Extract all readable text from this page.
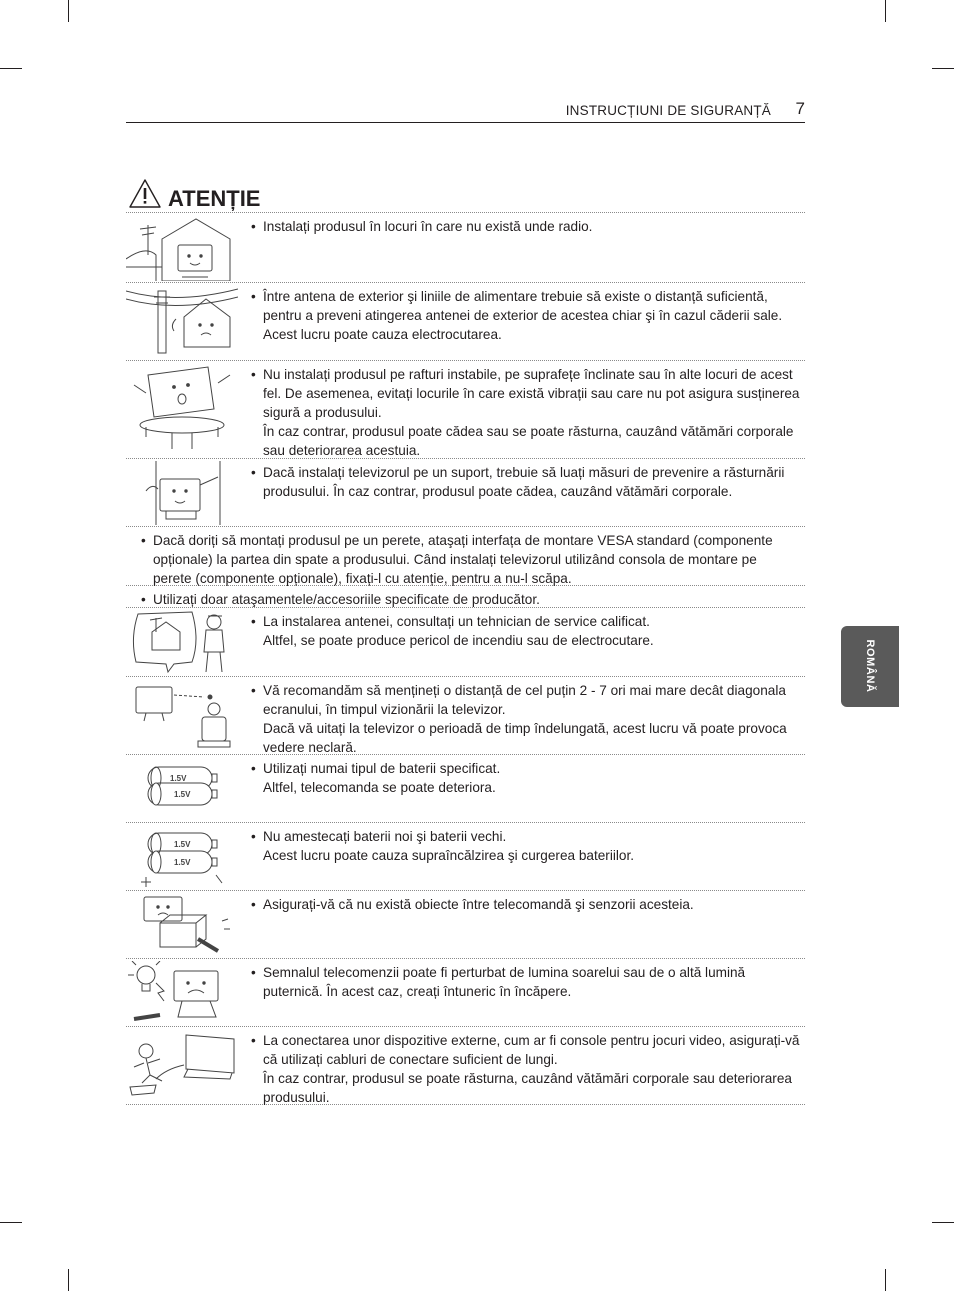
INSTRUCȚIUNI DE SIGURANȚĂ 7
ROMÂNĂ
ATENȚIE
• Instalați produsul în locuri în care nu există unde radio.
• Între antena de exterior şi liniile de alimentare trebuie să existe o distanță suficientă, pentru a preveni atingerea antenei de exterior de acestea chiar şi în cazul căderii sale.
Acest lucru poate cauza electrocutarea.
• Nu instalați produsul pe rafturi instabile, pe suprafețe înclinate sau în alte locuri de acest fel. De asemenea, evitați locurile în care există vibrații sau care nu pot asigura susținerea sigură a produsului.
În caz contrar, produsul poate cădea sau se poate răsturna, cauzând vătămări corporale sau deteriorarea acestuia.
• Dacă instalați televizorul pe un suport, trebuie să luați măsuri de prevenire a răsturnării produsului. În caz contrar, produsul poate cădea, cauzând vătămări corporale.
• Dacă doriți să montați produsul pe un perete, ataşați interfața de montare VESA standard (componente opționale) la partea din spate a produsului. Când instalați televizorul utilizând consola de montare pe perete (componente opționale), fixați-l cu atenție, pentru a nu-l scăpa.
• Utilizați doar ataşamentele/accesoriile specificate de producător.
• La instalarea antenei, consultați un tehnician de service calificat.
Altfel, se poate produce pericol de incendiu sau de electrocutare.
• Vă recomandăm să mențineți o distanță de cel puțin 2 - 7 ori mai mare decât diagonala ecranului, în timpul vizionării la televizor.
Dacă vă uitați la televizor o perioadă de timp îndelungată, acest lucru vă poate provoca vedere neclară.
1.5V
1.5V
• Utilizați numai tipul de baterii specificat.
Altfel, telecomanda se poate deteriora.
1.5V
1.5V
• Nu amestecați baterii noi şi baterii vechi.
Acest lucru poate cauza supraîncălzirea şi curgerea bateriilor.
• Asigurați-vă că nu există obiecte între telecomandă şi senzorii acesteia.
• Semnalul telecomenzii poate fi perturbat de lumina soarelui sau de o altă lumină puternică. În acest caz, creați întuneric în încăpere.
• La conectarea unor dispozitive externe, cum ar fi console pentru jocuri video, asigurați-vă că utilizați cabluri de conectare suficient de lungi.
În caz contrar, produsul se poate răsturna, cauzând vătămări corporale sau deteriorarea produsului.
